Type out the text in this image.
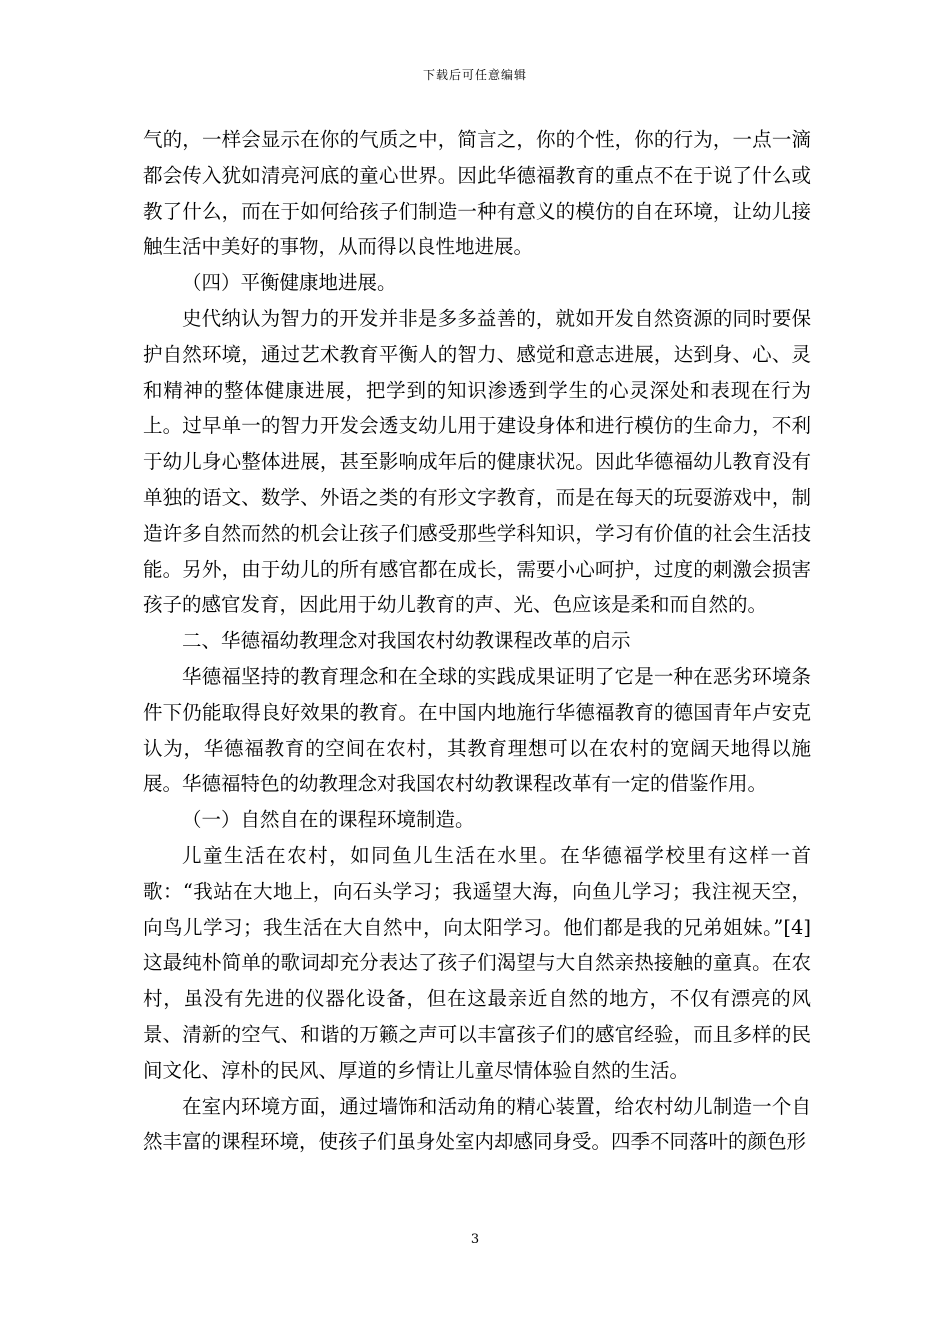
下载后可任意编辑

气的，一样会显示在你的气质之中，简言之，你的个性，你的行为，一点一滴都会传入犹如清亮河底的童心世界。因此华德福教育的重点不在于说了什么或教了什么，而在于如何给孩子们制造一种有意义的模仿的自在环境，让幼儿接触生活中美好的事物，从而得以良性地进展。

（四）平衡健康地进展。

史代纳认为智力的开发并非是多多益善的，就如开发自然资源的同时要保护自然环境，通过艺术教育平衡人的智力、感觉和意志进展，达到身、心、灵和精神的整体健康进展，把学到的知识渗透到学生的心灵深处和表现在行为上。过早单一的智力开发会透支幼儿用于建设身体和进行模仿的生命力，不利于幼儿身心整体进展，甚至影响成年后的健康状况。因此华德福幼儿教育没有单独的语文、数学、外语之类的有形文字教育，而是在每天的玩耍游戏中，制造许多自然而然的机会让孩子们感受那些学科知识，学习有价值的社会生活技能。另外，由于幼儿的所有感官都在成长，需要小心呵护，过度的刺激会损害孩子的感官发育，因此用于幼儿教育的声、光、色应该是柔和而自然的。

二、华德福幼教理念对我国农村幼教课程改革的启示

华德福坚持的教育理念和在全球的实践成果证明了它是一种在恶劣环境条件下仍能取得良好效果的教育。在中国内地施行华德福教育的德国青年卢安克认为，华德福教育的空间在农村，其教育理想可以在农村的宽阔天地得以施展。华德福特色的幼教理念对我国农村幼教课程改革有一定的借鉴作用。

（一）自然自在的课程环境制造。

儿童生活在农村，如同鱼儿生活在水里。在华德福学校里有这样一首歌：“我站在大地上，向石头学习；我遥望大海，向鱼儿学习；我注视天空，向鸟儿学习；我生活在大自然中，向太阳学习。他们都是我的兄弟姐妹。”[4]这最纯朴简单的歌词却充分表达了孩子们渴望与大自然亲热接触的童真。在农村，虽没有先进的仪器化设备，但在这最亲近自然的地方，不仅有漂亮的风景、清新的空气、和谐的万籁之声可以丰富孩子们的感官经验，而且多样的民间文化、淳朴的民风、厚道的乡情让儿童尽情体验自然的生活。

在室内环境方面，通过墙饰和活动角的精心装置，给农村幼儿制造一个自然丰富的课程环境，使孩子们虽身处室内却感同身受。四季不同落叶的颜色形

3
